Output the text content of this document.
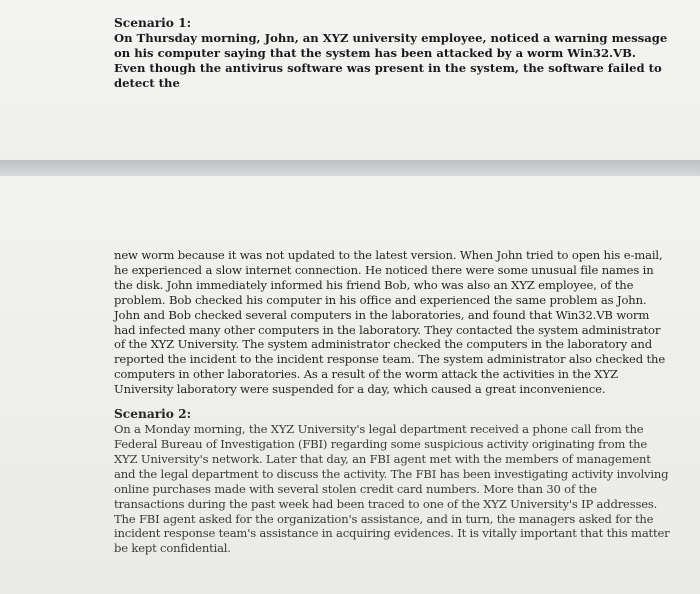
Scenario 1:

On Thursday morning, John, an XYZ university employee, noticed a warning message on his computer saying that the system has been attacked by a worm Win32.VB. Even though the antivirus software was present in the system, the software failed to detect the

new worm because it was not updated to the latest version. When John tried to open his e-mail, he experienced a slow internet connection. He noticed there were some unusual file names in the disk. John immediately informed his friend Bob, who was also an XYZ employee, of the problem. Bob checked his computer in his office and experienced the same problem as John. John and Bob checked several computers in the laboratories, and found that Win32.VB worm had infected many other computers in the laboratory. They contacted the system administrator of the XYZ University. The system administrator checked the computers in the laboratory and reported the incident to the incident response team. The system administrator also checked the computers in other laboratories. As a result of the worm attack the activities in the XYZ University laboratory were suspended for a day, which caused a great inconvenience.

Scenario 2:

On a Monday morning, the XYZ University's legal department received a phone call from the Federal Bureau of Investigation (FBI) regarding some suspicious activity originating from the XYZ University's network. Later that day, an FBI agent met with the members of management and the legal department to discuss the activity. The FBI has been investigating activity involving online purchases made with several stolen credit card numbers. More than 30 of the transactions during the past week had been traced to one of the XYZ University's IP addresses. The FBI agent asked for the organization's assistance, and in turn, the managers asked for the incident response team's assistance in acquiring evidences. It is vitally important that this matter be kept confidential.
